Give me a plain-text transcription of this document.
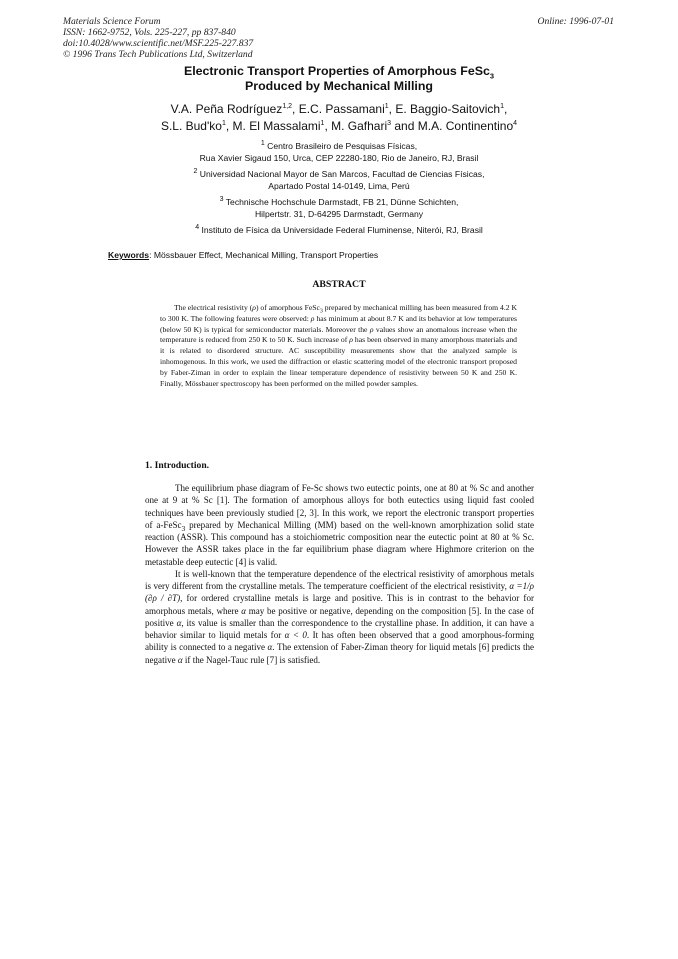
Materials Science Forum
ISSN: 1662-9752, Vols. 225-227, pp 837-840
doi:10.4028/www.scientific.net/MSF.225-227.837
© 1996 Trans Tech Publications Ltd, Switzerland
Online: 1996-07-01
Electronic Transport Properties of Amorphous FeSc$_3$
Produced by Mechanical Milling
V.A. Peña Rodríguez$^{1,2}$, E.C. Passamani$^1$, E. Baggio-Saitovich$^1$,
S.L. $Bud'ko^1$, M. El Massalami$^1$, M. Gafhari$^3$ and M.A. Continentino$^4$
$^1$ Centro Brasileiro de Pesquisas Físicas,
Rua Xavier Sigaud 150, Urca, CEP 22280-180, Rio de Janeiro, RJ, Brasil
$^2$ Universidad Nacional Mayor de San Marcos, Facultad de Ciencias Físicas,
Apartado Postal 14-0149, Lima, Perú
$^3$ Technische Hochschule Darmstadt, FB 21, Dünne Schichten,
Hilpertstr. 31, D-64295 Darmstadt, Germany
$^4$ Instituto de Física da Universidade Federal Fluminense, Niterói, RJ, Brasil
Keywords: Mössbauer Effect, Mechanical Milling, Transport Properties
ABSTRACT
The electrical resistivity (ρ) of amorphous FeSc$_3$ prepared by mechanical milling has been measured from 4.2 K to 300 K. The following features were observed: ρ has minimum at about 8.7 K and its behavior at low temperatures (below 50 K) is typical for semiconductor materials. Moreover the ρ values show an anomalous increase when the temperature is reduced from 250 K to 50 K. Such increase of ρ has been observed in many amorphous materials and it is related to disordered structure. AC susceptibility measurements show that the analyzed sample is inhomogenous. In this work, we used the diffraction or elastic scattering model of the electronic transport proposed by Faber-Ziman in order to explain the linear temperature dependence of resistivity between 50 K and 250 K. Finally, Mössbauer spectroscopy has been performed on the milled powder samples.
1. Introduction.

The equilibrium phase diagram of Fe-Sc shows two eutectic points, one at 80 at % Sc and another one at 9 at % Sc [1]. The formation of amorphous alloys for both eutectics using liquid fast cooled techniques have been previously studied [2, 3]. In this work, we report the electronic transport properties of a-FeSc$_3$ prepared by Mechanical Milling (MM) based on the well-known amorphization solid state reaction (ASSR). This compound has a stoichiometric composition near the eutectic point at 80 at % Sc. However the ASSR takes place in the far equilibrium phase diagram where Highmore criterion on the metastable deep eutectic [4] is valid.

It is well-known that the temperature dependence of the electrical resistivity of amorphous metals is very different from the crystalline metals. The temperature coefficient of the electrical resistivity, α =1/ρ (∂ρ / ∂T), for ordered crystalline metals is large and positive. This is in contrast to the behavior for amorphous metals, where α may be positive or negative, depending on the composition [5]. In the case of positive α, its value is smaller than the correspondence to the crystalline phase. In addition, it can have a behavior similar to liquid metals for α < 0. It has often been observed that a good amorphous-forming ability is connected to a negative α. The extension of Faber-Ziman theory for liquid metals [6] predicts the negative α if the Nagel-Tauc rule [7] is satisfied.
